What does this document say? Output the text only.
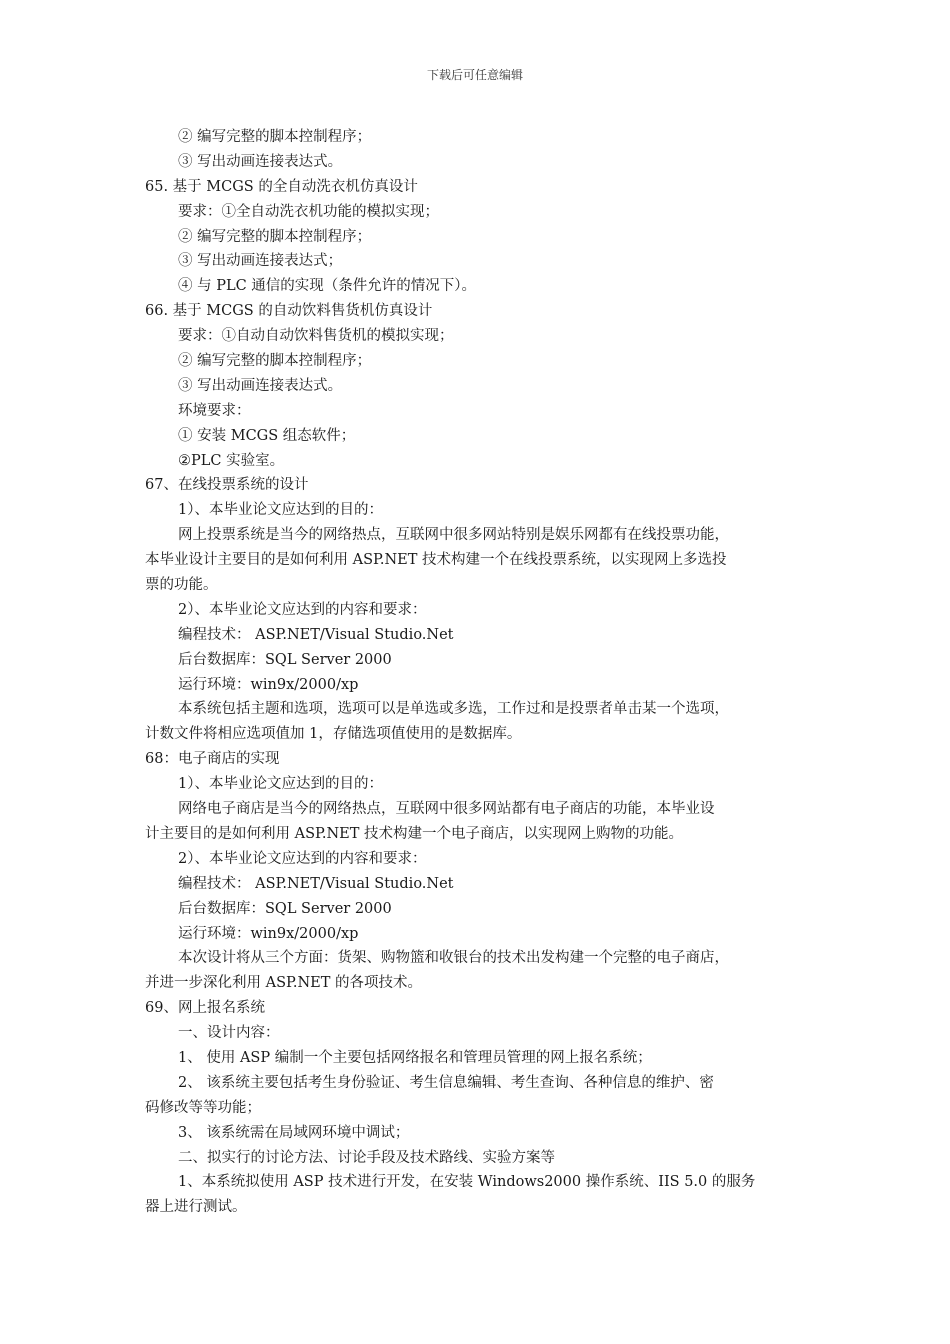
下载后可任意编辑
② 编写完整的脚本控制程序；
③ 写出动画连接表达式。
65. 基于 MCGS 的全自动洗衣机仿真设计
要求：①全自动洗衣机功能的模拟实现；
② 编写完整的脚本控制程序；
③ 写出动画连接表达式；
④ 与 PLC 通信的实现（条件允许的情况下）。
66. 基于 MCGS 的自动饮料售货机仿真设计
要求：①自动自动饮料售货机的模拟实现；
② 编写完整的脚本控制程序；
③ 写出动画连接表达式。
环境要求：
① 安装 MCGS 组态软件；
②PLC 实验室。
67、在线投票系统的设计
1）、本毕业论文应达到的目的：
网上投票系统是当今的网络热点，互联网中很多网站特别是娱乐网都有在线投票功能，
本毕业设计主要目的是如何利用 ASP.NET 技术构建一个在线投票系统，以实现网上多选投
票的功能。
2）、本毕业论文应达到的内容和要求：
编程技术： ASP.NET/Visual Studio.Net
后台数据库：SQL Server 2000
运行环境：win9x/2000/xp
本系统包括主题和选项，选项可以是单选或多选，工作过和是投票者单击某一个选项，
计数文件将相应选项值加 1，存储选项值使用的是数据库。
68：电子商店的实现
1）、本毕业论文应达到的目的：
网络电子商店是当今的网络热点，互联网中很多网站都有电子商店的功能，本毕业设
计主要目的是如何利用 ASP.NET 技术构建一个电子商店，以实现网上购物的功能。
2）、本毕业论文应达到的内容和要求：
编程技术： ASP.NET/Visual Studio.Net
后台数据库：SQL Server 2000
运行环境：win9x/2000/xp
本次设计将从三个方面：货架、购物篮和收银台的技术出发构建一个完整的电子商店，
并进一步深化利用 ASP.NET 的各项技术。
69、网上报名系统
一、设计内容：
1、 使用 ASP 编制一个主要包括网络报名和管理员管理的网上报名系统；
2、 该系统主要包括考生身份验证、考生信息编辑、考生查询、各种信息的维护、密
码修改等等功能；
3、 该系统需在局域网环境中调试；
二、拟实行的讨论方法、讨论手段及技术路线、实验方案等
1、本系统拟使用 ASP 技术进行开发，在安装 Windows2000 操作系统、IIS 5.0 的服务
器上进行测试。
